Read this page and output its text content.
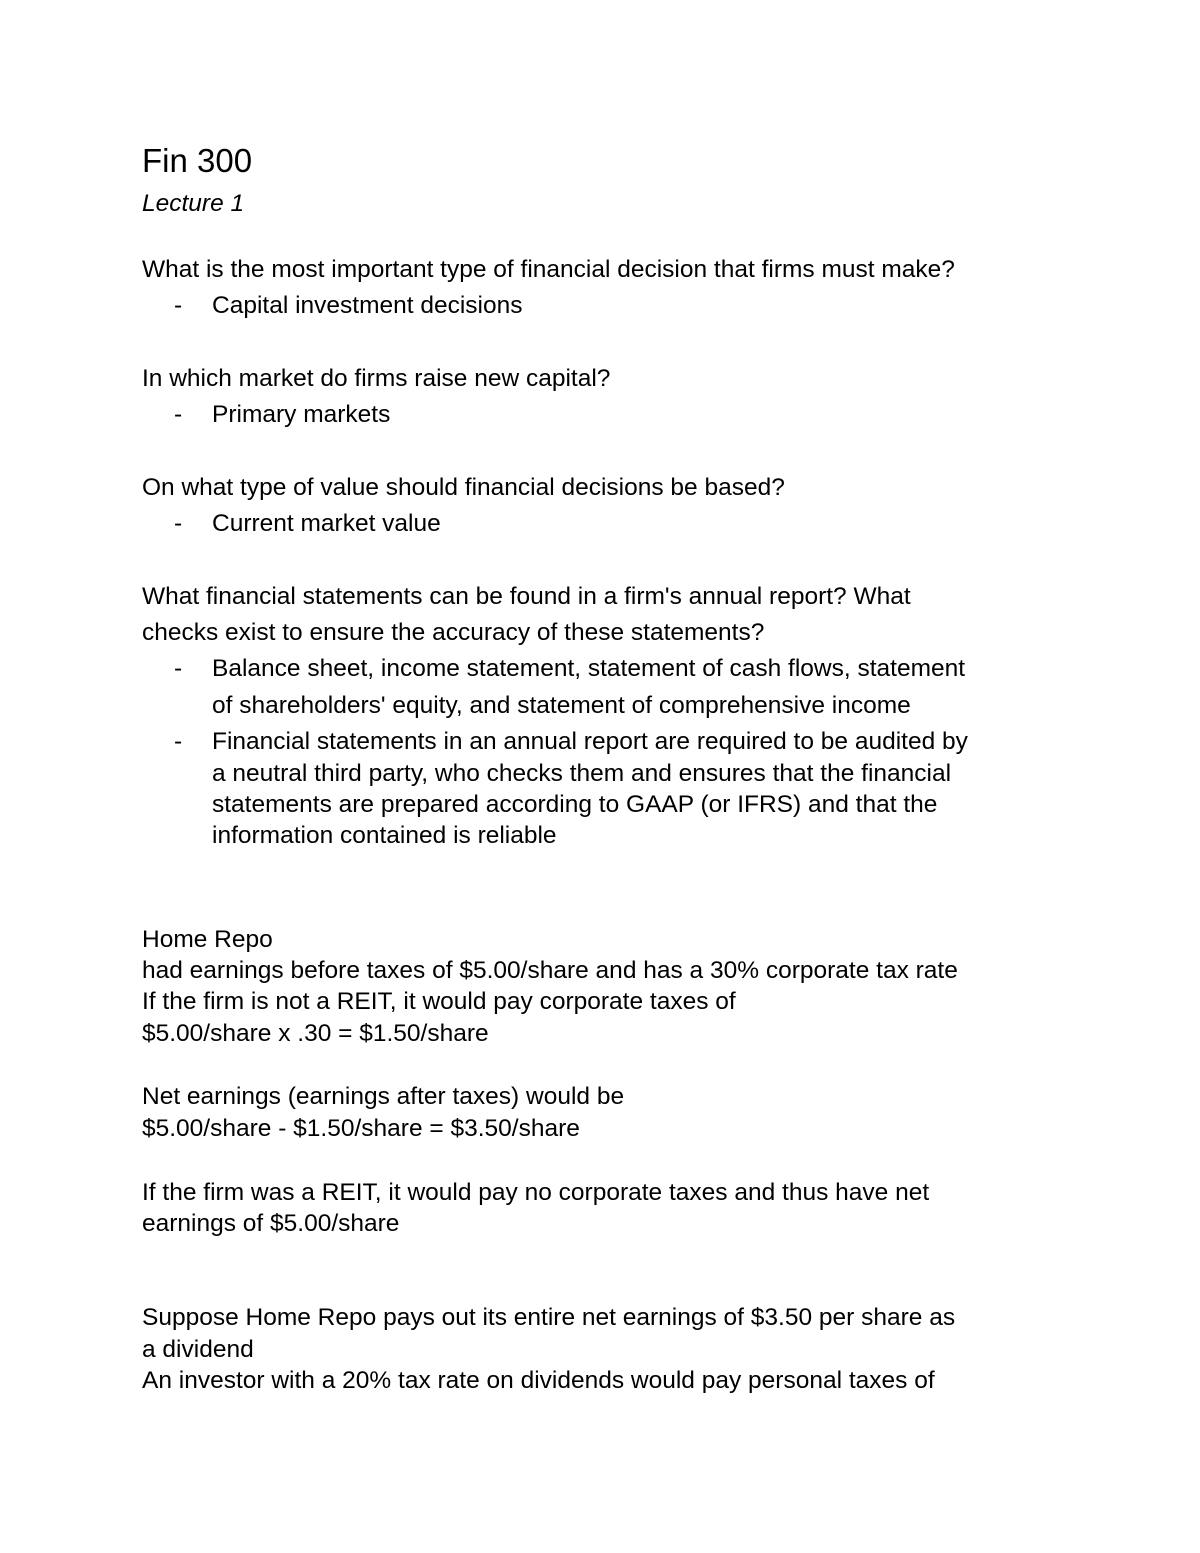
Fin 300
Lecture 1
What is the most important type of financial decision that firms must make?
- Capital investment decisions
In which market do firms raise new capital?
- Primary markets
On what type of value should financial decisions be based?
- Current market value
What financial statements can be found in a firm's annual report? What
checks exist to ensure the accuracy of these statements?
- Balance sheet, income statement, statement of cash flows, statement
of shareholders' equity, and statement of comprehensive income
- Financial statements in an annual report are required to be audited by
a neutral third party, who checks them and ensures that the financial
statements are prepared according to GAAP (or IFRS) and that the
information contained is reliable
Home Repo
had earnings before taxes of $5.00/share and has a 30% corporate tax rate
If the firm is not a REIT, it would pay corporate taxes of
$5.00/share x .30 = $1.50/share
Net earnings (earnings after taxes) would be
$5.00/share - $1.50/share = $3.50/share
If the firm was a REIT, it would pay no corporate taxes and thus have net
earnings of $5.00/share
Suppose Home Repo pays out its entire net earnings of $3.50 per share as
a dividend
An investor with a 20% tax rate on dividends would pay personal taxes of
